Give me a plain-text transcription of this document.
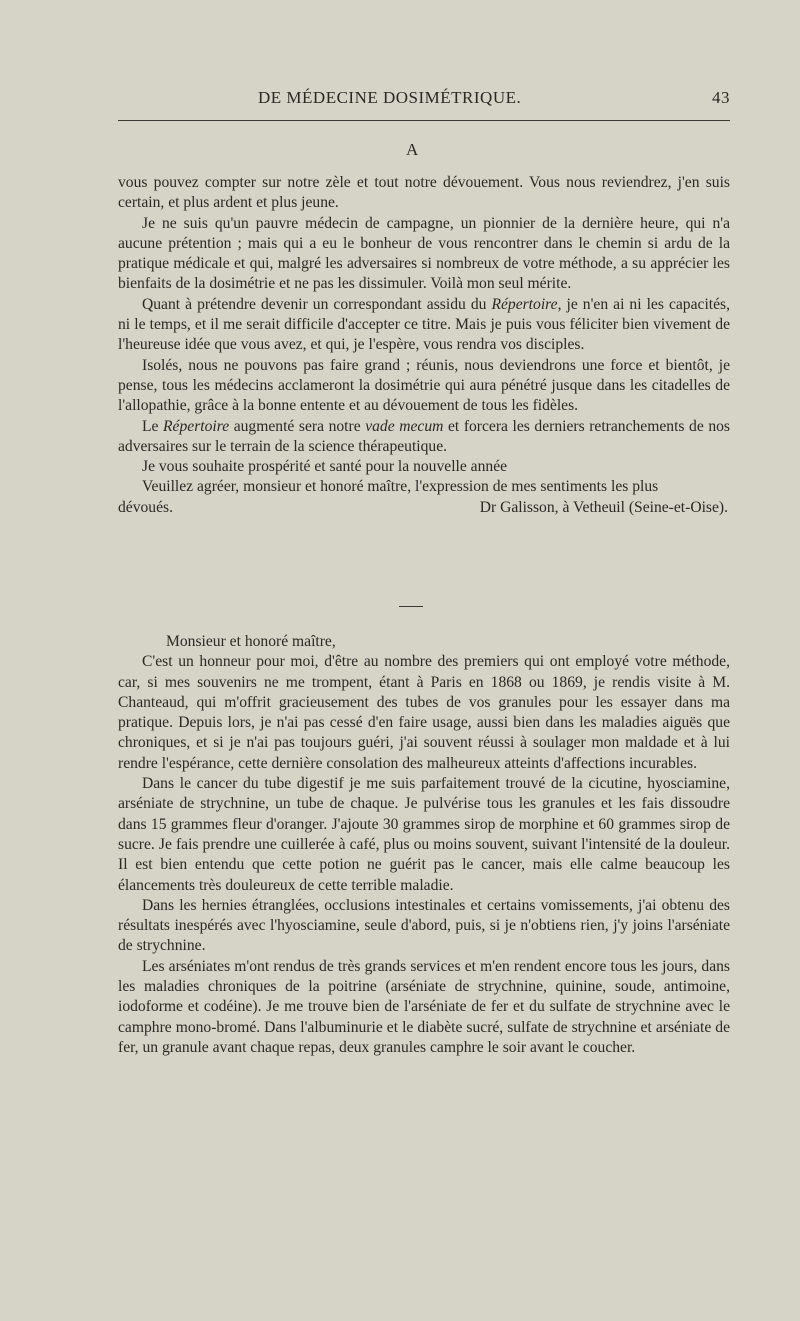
DE MÉDECINE DOSIMÉTRIQUE.	43
A

vous pouvez compter sur notre zèle et tout notre dévouement. Vous nous reviendrez, j'en suis certain, et plus ardent et plus jeune.

Je ne suis qu'un pauvre médecin de campagne, un pionnier de la dernière heure, qui n'a aucune prétention ; mais qui a eu le bonheur de vous rencontrer dans le chemin si ardu de la pratique médicale et qui, malgré les adversaires si nombreux de votre méthode, a su apprécier les bienfaits de la dosimétrie et ne pas les dissimuler. Voilà mon seul mérite.

Quant à prétendre devenir un correspondant assidu du Répertoire, je n'en ai ni les capacités, ni le temps, et il me serait difficile d'accepter ce titre. Mais je puis vous féliciter bien vivement de l'heureuse idée que vous avez, et qui, je l'espère, vous rendra vos disciples.

Isolés, nous ne pouvons pas faire grand ; réunis, nous deviendrons une force et bientôt, je pense, tous les médecins acclameront la dosimétrie qui aura pénétré jusque dans les citadelles de l'allopathie, grâce à la bonne entente et au dévouement de tous les fidèles.

Le Répertoire augmenté sera notre vade mecum et forcera les derniers retranchements de nos adversaires sur le terrain de la science thérapeutique.

Je vous souhaite prospérité et santé pour la nouvelle année

Veuillez agréer, monsieur et honoré maître, l'expression de mes sentiments les plus

dévoués.	Dr Galisson, à Vetheuil (Seine-et-Oise).

Monsieur et honoré maître,

C'est un honneur pour moi, d'être au nombre des premiers qui ont employé votre méthode, car, si mes souvenirs ne me trompent, étant à Paris en 1868 ou 1869, je rendis visite à M. Chanteaud, qui m'offrit gracieusement des tubes de vos granules pour les essayer dans ma pratique. Depuis lors, je n'ai pas cessé d'en faire usage, aussi bien dans les maladies aiguës que chroniques, et si je n'ai pas toujours guéri, j'ai souvent réussi à soulager mon maldade et à lui rendre l'espérance, cette dernière consolation des malheureux atteints d'affections incurables.

Dans le cancer du tube digestif je me suis parfaitement trouvé de la cicutine, hyosciamine, arséniate de strychnine, un tube de chaque. Je pulvérise tous les granules et les fais dissoudre dans 15 grammes fleur d'oranger. J'ajoute 30 grammes sirop de morphine et 60 grammes sirop de sucre. Je fais prendre une cuillerée à café, plus ou moins souvent, suivant l'intensité de la douleur. Il est bien entendu que cette potion ne guérit pas le cancer, mais elle calme beaucoup les élancements très douleureux de cette terrible maladie.

Dans les hernies étranglées, occlusions intestinales et certains vomissements, j'ai obtenu des résultats inespérés avec l'hyosciamine, seule d'abord, puis, si je n'obtiens rien, j'y joins l'arséniate de strychnine.

Les arséniates m'ont rendus de très grands services et m'en rendent encore tous les jours, dans les maladies chroniques de la poitrine (arséniate de strychnine, quinine, soude, antimoine, iodoforme et codéine). Je me trouve bien de l'arséniate de fer et du sulfate de strychnine avec le camphre mono-bromé. Dans l'albuminurie et le diabète sucré, sulfate de strychnine et arséniate de fer, un granule avant chaque repas, deux granules camphre le soir avant le coucher.
